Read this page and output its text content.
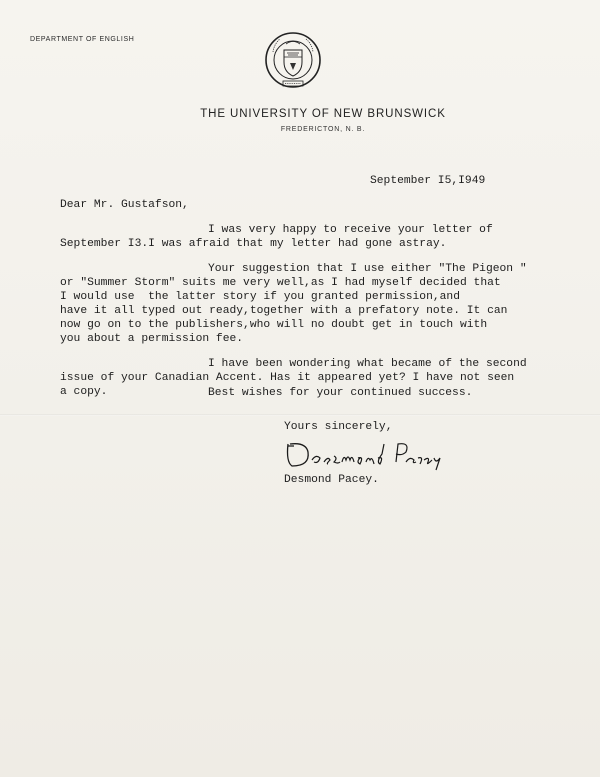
DEPARTMENT OF ENGLISH
THE UNIVERSITY OF NEW BRUNSWICK
FREDERICTON, N. B.
September I5,I949
Dear Mr. Gustafson,
I was very happy to receive your letter of
September I3.I was afraid that my letter had gone astray.
Your suggestion that I use either "The Pigeon "
or "Summer Storm" suits me very well,as I had myself decided that
I would use  the latter story if you granted permission,and
have it all typed out ready,together with a prefatory note. It can
now go on to the publishers,who will no doubt get in touch with
you about a permission fee.
I have been wondering what became of the second
issue of your Canadian Accent. Has it appeared yet? I have not seen
a copy.	Best wishes for your continued success.
Yours sincerely,
Desmond Pacey.
